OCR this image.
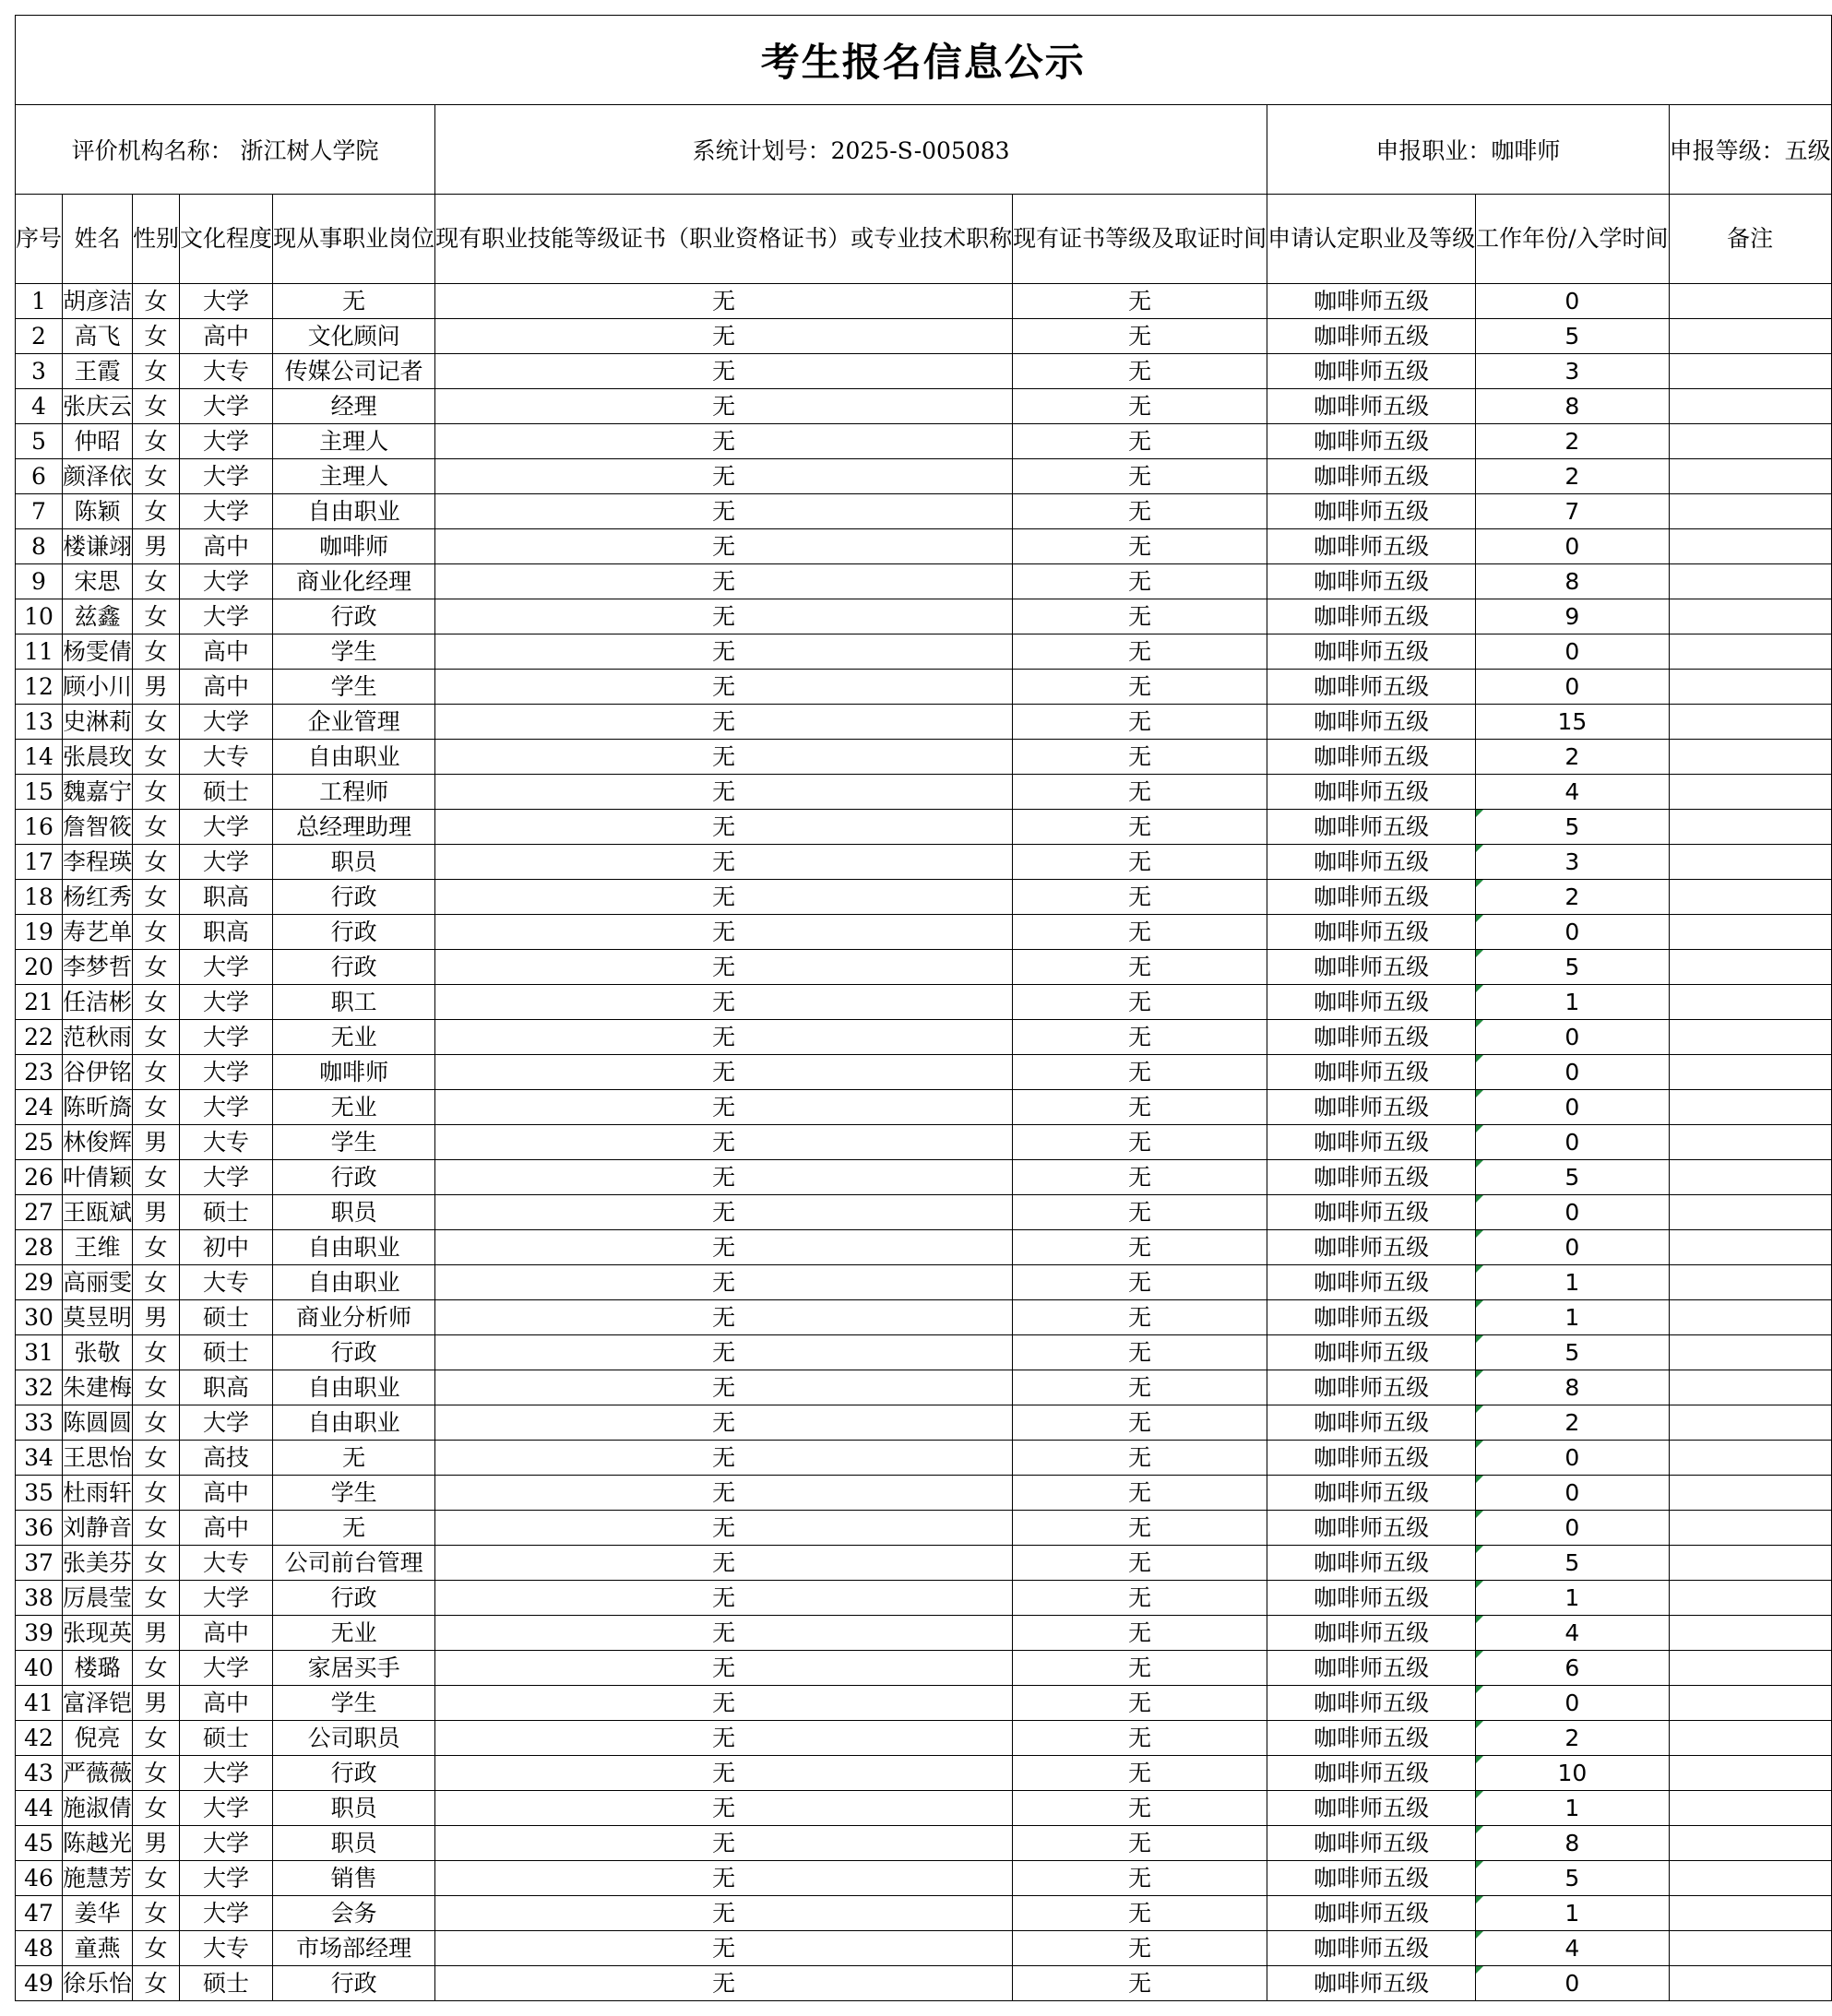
考生报名信息公示									
评价机构名称： 浙江树人学院					系统计划号：2025-S-005083		申报职业：咖啡师		申报等级：五级
序号	姓名	性别	文化程度	现从事职业岗位	现有职业技能等级证书（职业资格证书）或专业技术职称	现有证书等级及取证时间	申请认定职业及等级	工作年份/入学时间	备注
1	胡彦洁	女	大学	无	无	无	咖啡师五级	0	
2	高飞	女	高中	文化顾问	无	无	咖啡师五级	5	
3	王霞	女	大专	传媒公司记者	无	无	咖啡师五级	3	
4	张庆云	女	大学	经理	无	无	咖啡师五级	8	
5	仲昭	女	大学	主理人	无	无	咖啡师五级	2	
6	颜泽依	女	大学	主理人	无	无	咖啡师五级	2	
7	陈颖	女	大学	自由职业	无	无	咖啡师五级	7	
8	楼谦翊	男	高中	咖啡师	无	无	咖啡师五级	0	
9	宋思	女	大学	商业化经理	无	无	咖啡师五级	8	
10	兹鑫	女	大学	行政	无	无	咖啡师五级	9	
11	杨雯倩	女	高中	学生	无	无	咖啡师五级	0	
12	顾小川	男	高中	学生	无	无	咖啡师五级	0	
13	史淋莉	女	大学	企业管理	无	无	咖啡师五级	15	
14	张晨玫	女	大专	自由职业	无	无	咖啡师五级	2	
15	魏嘉宁	女	硕士	工程师	无	无	咖啡师五级	4	
16	詹智筱	女	大学	总经理助理	无	无	咖啡师五级	5	
17	李程瑛	女	大学	职员	无	无	咖啡师五级	3	
18	杨红秀	女	职高	行政	无	无	咖啡师五级	2	
19	寿艺单	女	职高	行政	无	无	咖啡师五级	0	
20	李梦哲	女	大学	行政	无	无	咖啡师五级	5	
21	任洁彬	女	大学	职工	无	无	咖啡师五级	1	
22	范秋雨	女	大学	无业	无	无	咖啡师五级	0	
23	谷伊铭	女	大学	咖啡师	无	无	咖啡师五级	0	
24	陈昕旖	女	大学	无业	无	无	咖啡师五级	0	
25	林俊辉	男	大专	学生	无	无	咖啡师五级	0	
26	叶倩颖	女	大学	行政	无	无	咖啡师五级	5	
27	王瓯斌	男	硕士	职员	无	无	咖啡师五级	0	
28	王维	女	初中	自由职业	无	无	咖啡师五级	0	
29	高丽雯	女	大专	自由职业	无	无	咖啡师五级	1	
30	莫昱明	男	硕士	商业分析师	无	无	咖啡师五级	1	
31	张敬	女	硕士	行政	无	无	咖啡师五级	5	
32	朱建梅	女	职高	自由职业	无	无	咖啡师五级	8	
33	陈圆圆	女	大学	自由职业	无	无	咖啡师五级	2	
34	王思怡	女	高技	无	无	无	咖啡师五级	0	
35	杜雨轩	女	高中	学生	无	无	咖啡师五级	0	
36	刘静音	女	高中	无	无	无	咖啡师五级	0	
37	张美芬	女	大专	公司前台管理	无	无	咖啡师五级	5	
38	厉晨莹	女	大学	行政	无	无	咖啡师五级	1	
39	张现英	男	高中	无业	无	无	咖啡师五级	4	
40	楼璐	女	大学	家居买手	无	无	咖啡师五级	6	
41	富泽铠	男	高中	学生	无	无	咖啡师五级	0	
42	倪亮	女	硕士	公司职员	无	无	咖啡师五级	2	
43	严薇薇	女	大学	行政	无	无	咖啡师五级	10	
44	施淑倩	女	大学	职员	无	无	咖啡师五级	1	
45	陈越光	男	大学	职员	无	无	咖啡师五级	8	
46	施慧芳	女	大学	销售	无	无	咖啡师五级	5	
47	姜华	女	大学	会务	无	无	咖啡师五级	1	
48	童燕	女	大专	市场部经理	无	无	咖啡师五级	4	
49	徐乐怡	女	硕士	行政	无	无	咖啡师五级	0	
